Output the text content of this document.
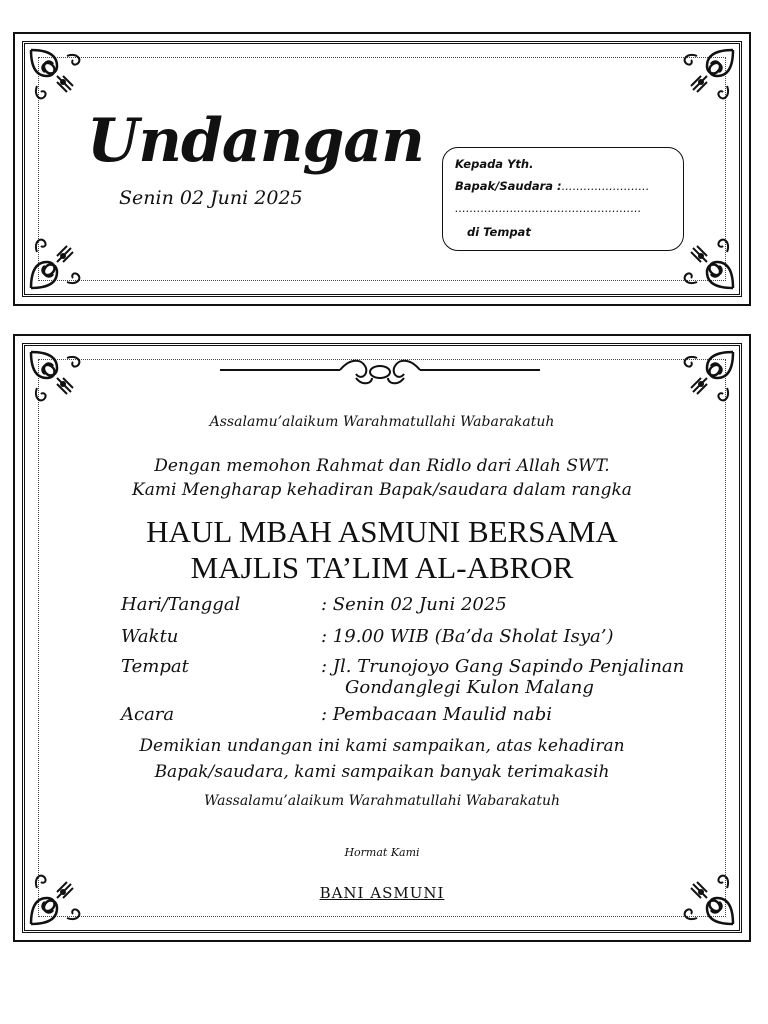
Undangan
Senin 02 Juni 2025
Kepada Yth.
Bapak/Saudara :........................
...................................................
di Tempat
Assalamu’alaikum Warahmatullahi Wabarakatuh
Dengan memohon Rahmat dan Ridlo dari Allah SWT.
Kami Mengharap kehadiran Bapak/saudara dalam rangka
HAUL MBAH ASMUNI BERSAMA
MAJLIS TA’LIM AL-ABROR
Hari/Tanggal	: Senin 02 Juni 2025
Waktu	: 19.00 WIB (Ba’da Sholat Isya’)
Tempat	: Jl. Trunojoyo Gang Sapindo Penjalinan
Gondanglegi Kulon Malang
Acara	: Pembacaan Maulid nabi
Demikian undangan ini kami sampaikan, atas kehadiran
Bapak/saudara, kami sampaikan banyak terimakasih
Wassalamu’alaikum Warahmatullahi Wabarakatuh
Hormat Kami
BANI ASMUNI
